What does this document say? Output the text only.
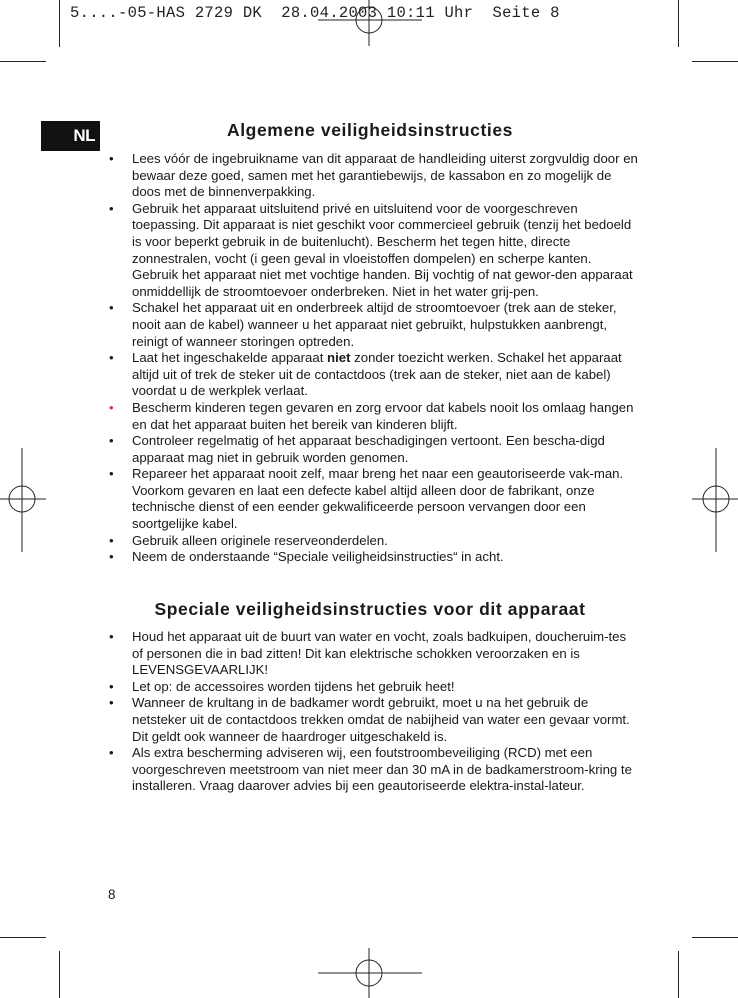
5....-05-HAS 2729 DK  28.04.2003 10:11 Uhr  Seite 8
NL	Algemene veiligheidsinstructies
• Lees vóór de ingebruikname van dit apparaat de handleiding uiterst zorgvuldig door en bewaar deze goed, samen met het garantiebewijs, de kassabon en zo mogelijk de doos met de binnenverpakking.
• Gebruik het apparaat uitsluitend privé en uitsluitend voor de voorgeschreven toepassing. Dit apparaat is niet geschikt voor commercieel gebruik (tenzij het bedoeld is voor beperkt gebruik in de buitenlucht). Bescherm het tegen hitte, directe zonnestralen, vocht (i geen geval in vloeistoffen dompelen) en scherpe kanten. Gebruik het apparaat niet met vochtige handen. Bij vochtig of nat gewor-den apparaat onmiddellijk de stroomtoevoer onderbreken. Niet in het water grij-pen.
• Schakel het apparaat uit en onderbreek altijd de stroomtoevoer (trek aan de steker, nooit aan de kabel) wanneer u het apparaat niet gebruikt, hulpstukken aanbrengt, reinigt of wanneer storingen optreden.
• Laat het ingeschakelde apparaat niet zonder toezicht werken. Schakel het apparaat altijd uit of trek de steker uit de contactdoos (trek aan de steker, niet aan de kabel) voordat u de werkplek verlaat.
• Bescherm kinderen tegen gevaren en zorg ervoor dat kabels nooit los omlaag hangen en dat het apparaat buiten het bereik van kinderen blijft.
• Controleer regelmatig of het apparaat beschadigingen vertoont. Een bescha-digd apparaat mag niet in gebruik worden genomen.
• Repareer het apparaat nooit zelf, maar breng het naar een geautoriseerde vak-man. Voorkom gevaren en laat een defecte kabel altijd alleen door de fabrikant, onze technische dienst of een eender gekwalificeerde persoon vervangen door een soortgelijke kabel.
• Gebruik alleen originele reserveonderdelen.
• Neem de onderstaande “Speciale veiligheidsinstructies“ in acht.
Speciale veiligheidsinstructies voor dit apparaat
• Houd het apparaat uit de buurt van water en vocht, zoals badkuipen, doucheruim-tes of personen die in bad zitten! Dit kan elektrische schokken veroorzaken en is LEVENSGEVAARLIJK!
• Let op: de accessoires worden tijdens het gebruik heet!
• Wanneer de krultang in de badkamer wordt gebruikt, moet u na het gebruik de netsteker uit de contactdoos trekken omdat de nabijheid van water een gevaar vormt. Dit geldt ook wanneer de haardroger uitgeschakeld is.
• Als extra bescherming adviseren wij, een foutstroombeveiliging (RCD) met een voorgeschreven meetstroom van niet meer dan 30 mA in de badkamerstroom-kring te installeren. Vraag daarover advies bij een geautoriseerde elektra-instal-lateur.
8
